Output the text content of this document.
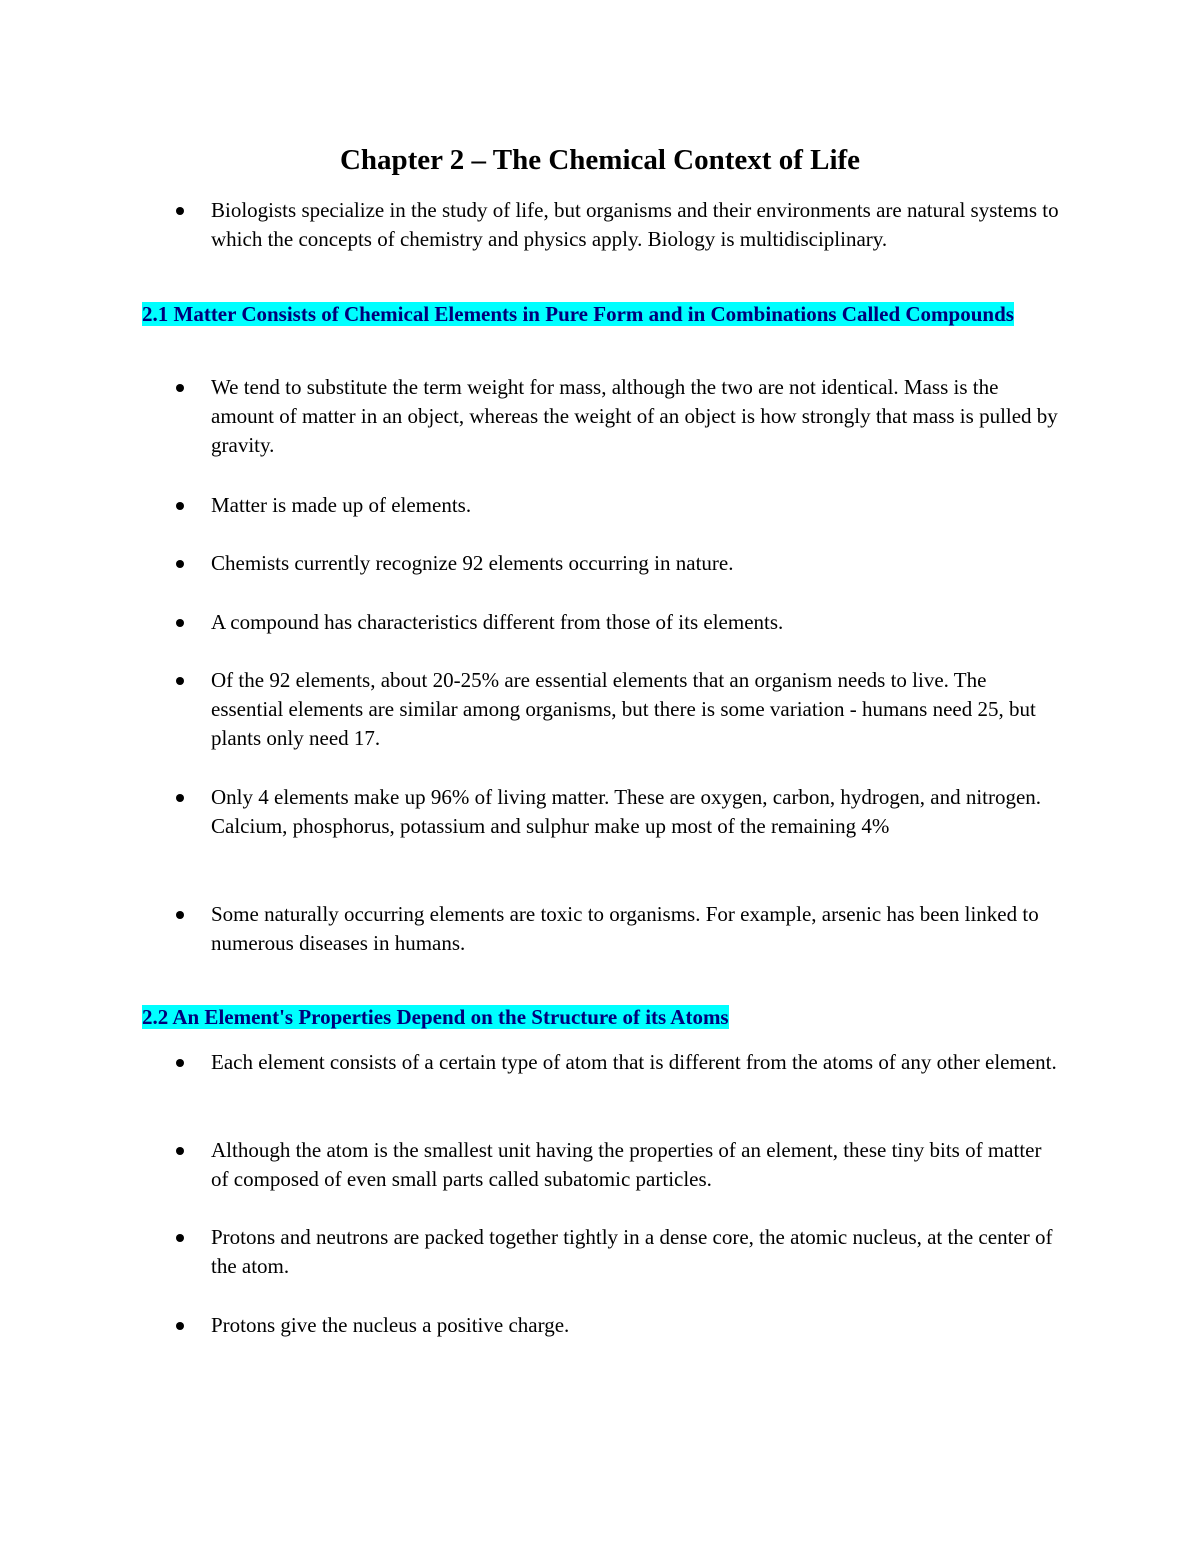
Chapter 2 – The Chemical Context of Life

Biologists specialize in the study of life, but organisms and their environments are natural systems to which the concepts of chemistry and physics apply. Biology is multidisciplinary.

2.1 Matter Consists of Chemical Elements in Pure Form and in Combinations Called Compounds

We tend to substitute the term weight for mass, although the two are not identical. Mass is the amount of matter in an object, whereas the weight of an object is how strongly that mass is pulled by gravity.

Matter is made up of elements.

Chemists currently recognize 92 elements occurring in nature.

A compound has characteristics different from those of its elements.

Of the 92 elements, about 20-25% are essential elements that an organism needs to live. The essential elements are similar among organisms, but there is some variation - humans need 25, but plants only need 17.

Only 4 elements make up 96% of living matter. These are oxygen, carbon, hydrogen, and nitrogen. Calcium, phosphorus, potassium and sulphur make up most of the remaining 4%

Some naturally occurring elements are toxic to organisms. For example, arsenic has been linked to numerous diseases in humans.

2.2 An Element's Properties Depend on the Structure of its Atoms

Each element consists of a certain type of atom that is different from the atoms of any other element.

Although the atom is the smallest unit having the properties of an element, these tiny bits of matter of composed of even small parts called subatomic particles.

Protons and neutrons are packed together tightly in a dense core, the atomic nucleus, at the center of the atom.

Protons give the nucleus a positive charge.
